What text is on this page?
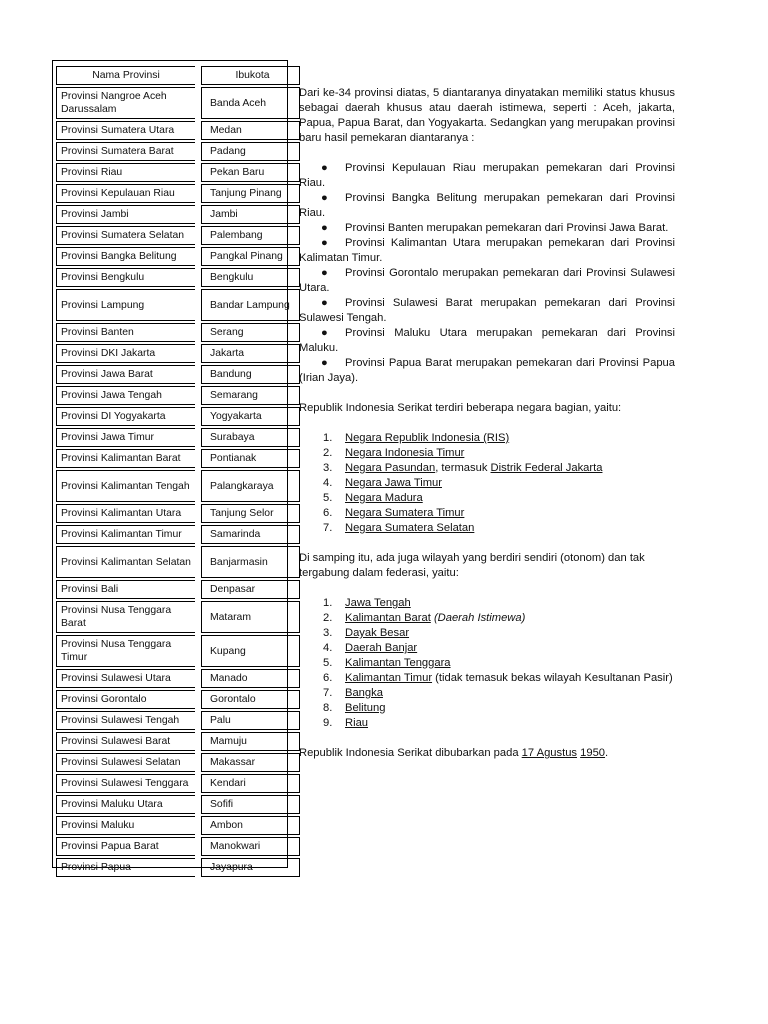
Nama Provinsi		Ibukota
Provinsi Nangroe Aceh Darussalam		Banda Aceh
Provinsi Sumatera Utara		Medan
Provinsi Sumatera Barat		Padang
Provinsi Riau		Pekan Baru
Provinsi Kepulauan Riau		Tanjung Pinang
Provinsi Jambi		Jambi
Provinsi Sumatera Selatan		Palembang
Provinsi Bangka Belitung		Pangkal Pinang
Provinsi Bengkulu		Bengkulu
Provinsi Lampung		Bandar Lampung
Provinsi Banten		Serang
Provinsi DKI Jakarta		Jakarta
Provinsi Jawa Barat		Bandung
Provinsi Jawa Tengah		Semarang
Provinsi DI Yogyakarta		Yogyakarta
Provinsi Jawa Timur		Surabaya
Provinsi Kalimantan Barat		Pontianak
Provinsi Kalimantan Tengah		Palangkaraya
Provinsi Kalimantan Utara		Tanjung Selor
Provinsi Kalimantan Timur		Samarinda
Provinsi Kalimantan Selatan		Banjarmasin
Provinsi Bali		Denpasar
Provinsi Nusa Tenggara Barat		Mataram
Provinsi Nusa Tenggara Timur		Kupang
Provinsi Sulawesi Utara		Manado
Provinsi Gorontalo		Gorontalo
Provinsi Sulawesi Tengah		Palu
Provinsi Sulawesi Barat		Mamuju
Provinsi Sulawesi Selatan		Makassar
Provinsi Sulawesi Tenggara		Kendari
Provinsi Maluku Utara		Sofifi
Provinsi Maluku		Ambon
Provinsi Papua Barat		Manokwari
Provinsi Papua		Jayapura

Dari ke-34 provinsi diatas, 5 diantaranya dinyatakan memiliki status khusus sebagai daerah khusus atau daerah istimewa, seperti : Aceh, jakarta, Papua, Papua Barat, dan Yogyakarta. Sedangkan yang merupakan provinsi baru hasil pemekaran diantaranya :

● Provinsi Kepulauan Riau merupakan pemekaran dari Provinsi Riau.

● Provinsi Bangka Belitung merupakan pemekaran dari Provinsi Riau.

● Provinsi Banten merupakan pemekaran dari Provinsi Jawa Barat.

● Provinsi Kalimantan Utara merupakan pemekaran dari Provinsi Kalimatan Timur.

● Provinsi Gorontalo merupakan pemekaran dari Provinsi Sulawesi Utara.

● Provinsi Sulawesi Barat merupakan pemekaran dari Provinsi Sulawesi Tengah.

● Provinsi Maluku Utara merupakan pemekaran dari Provinsi Maluku.

● Provinsi Papua Barat merupakan pemekaran dari Provinsi Papua (Irian Jaya).

Republik Indonesia Serikat terdiri beberapa negara bagian, yaitu:

1. Negara Republik Indonesia (RIS)
2. Negara Indonesia Timur
3. Negara Pasundan, termasuk Distrik Federal Jakarta
4. Negara Jawa Timur
5. Negara Madura
6. Negara Sumatera Timur
7. Negara Sumatera Selatan

Di samping itu, ada juga wilayah yang berdiri sendiri (otonom) dan tak tergabung dalam federasi, yaitu:

1. Jawa Tengah
2. Kalimantan Barat (Daerah Istimewa)
3. Dayak Besar
4. Daerah Banjar
5. Kalimantan Tenggara
6. Kalimantan Timur (tidak temasuk bekas wilayah Kesultanan Pasir)
7. Bangka
8. Belitung
9. Riau

Republik Indonesia Serikat dibubarkan pada 17 Agustus 1950.
